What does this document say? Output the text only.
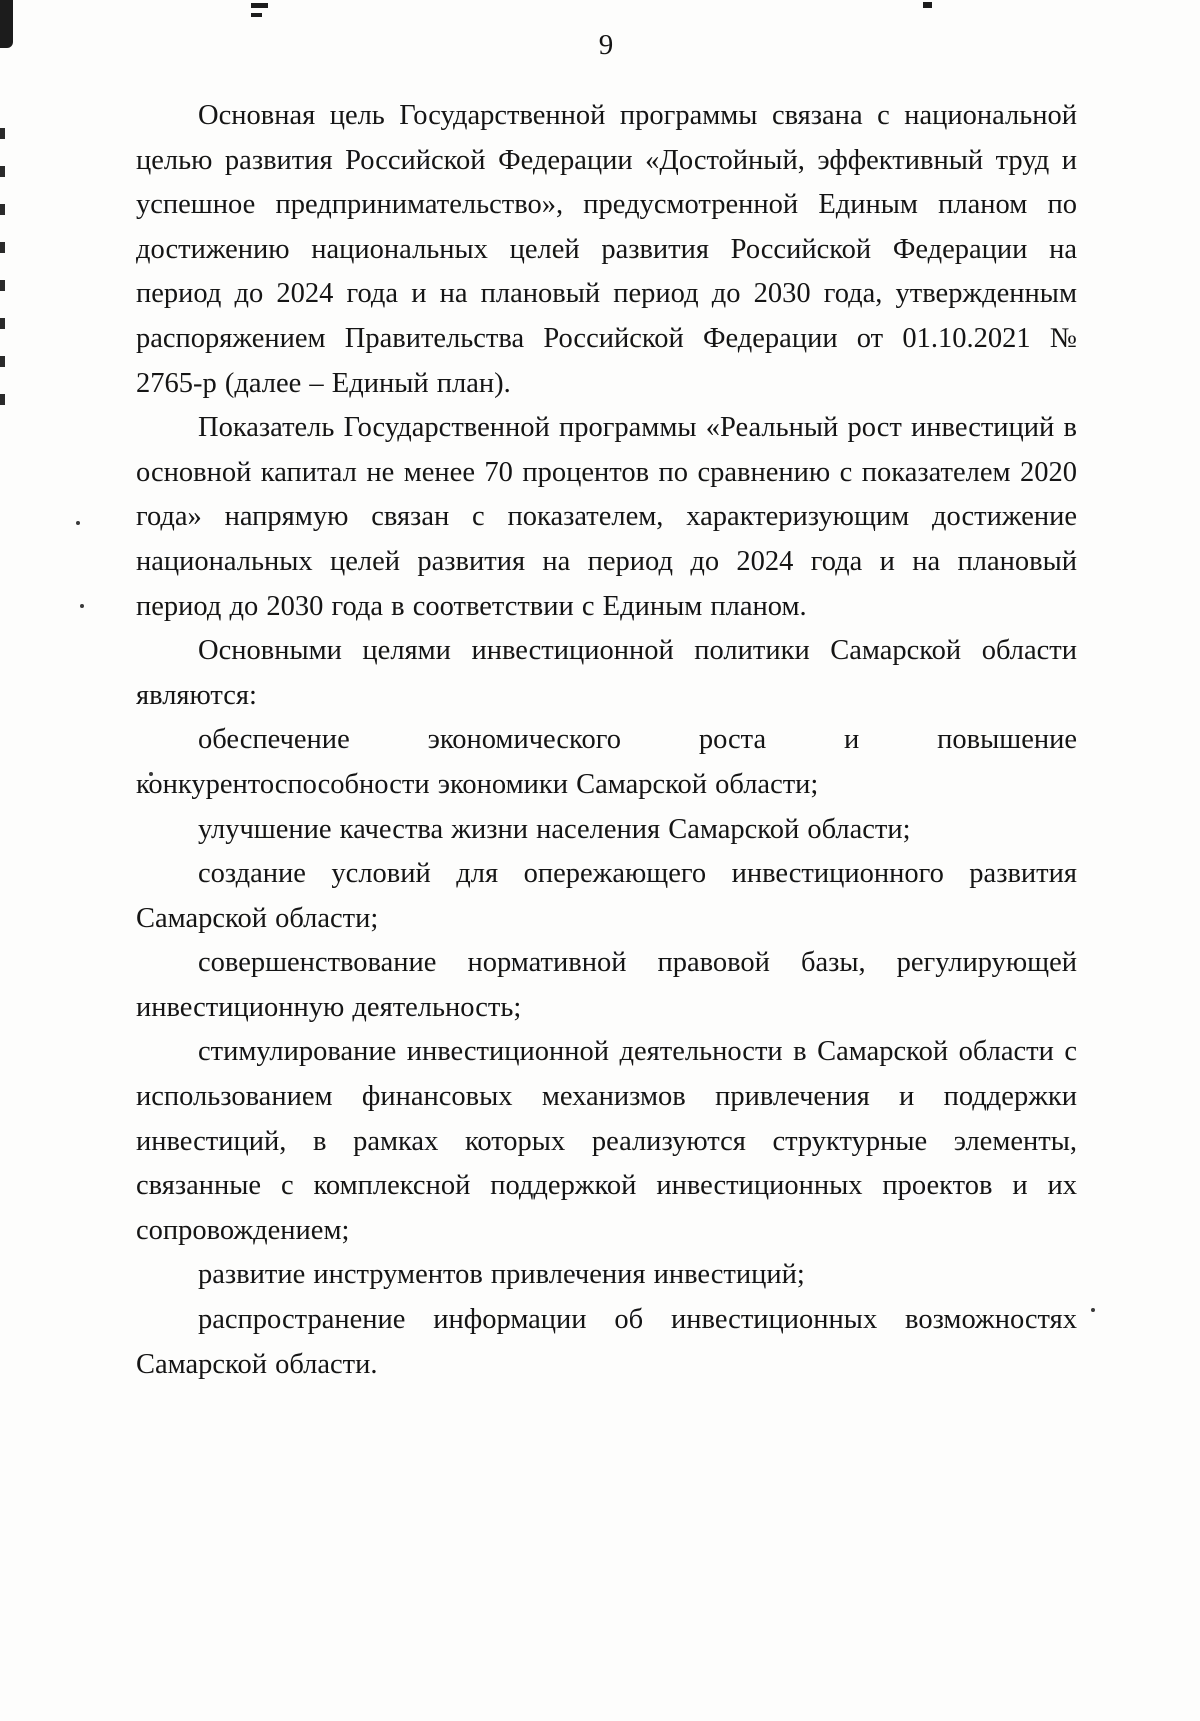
9

Основная цель Государственной программы связана с национальной целью развития Российской Федерации «Достойный, эффективный труд и успешное предпринимательство», предусмотренной Единым планом по достижению национальных целей развития Российской Федерации на период до 2024 года и на плановый период до 2030 года, утвержденным распоряжением Правительства Российской Федерации от 01.10.2021 № 2765-р (далее – Единый план).

Показатель Государственной программы «Реальный рост инвестиций в основной капитал не менее 70 процентов по сравнению с показателем 2020 года» напрямую связан с показателем, характеризующим достижение национальных целей развития на период до 2024 года и на плановый период до 2030 года в соответствии с Единым планом.

Основными целями инвестиционной политики Самарской области являются:

обеспечение экономического роста и повышение конкурентоспособности экономики Самарской области;

улучшение качества жизни населения Самарской области;

создание условий для опережающего инвестиционного развития Самарской области;

совершенствование нормативной правовой базы, регулирующей инвестиционную деятельность;

стимулирование инвестиционной деятельности в Самарской области с использованием финансовых механизмов привлечения и поддержки инвестиций, в рамках которых реализуются структурные элементы, связанные с комплексной поддержкой инвестиционных проектов и их сопровождением;

развитие инструментов привлечения инвестиций;

распространение информации об инвестиционных возможностях Самарской области.
